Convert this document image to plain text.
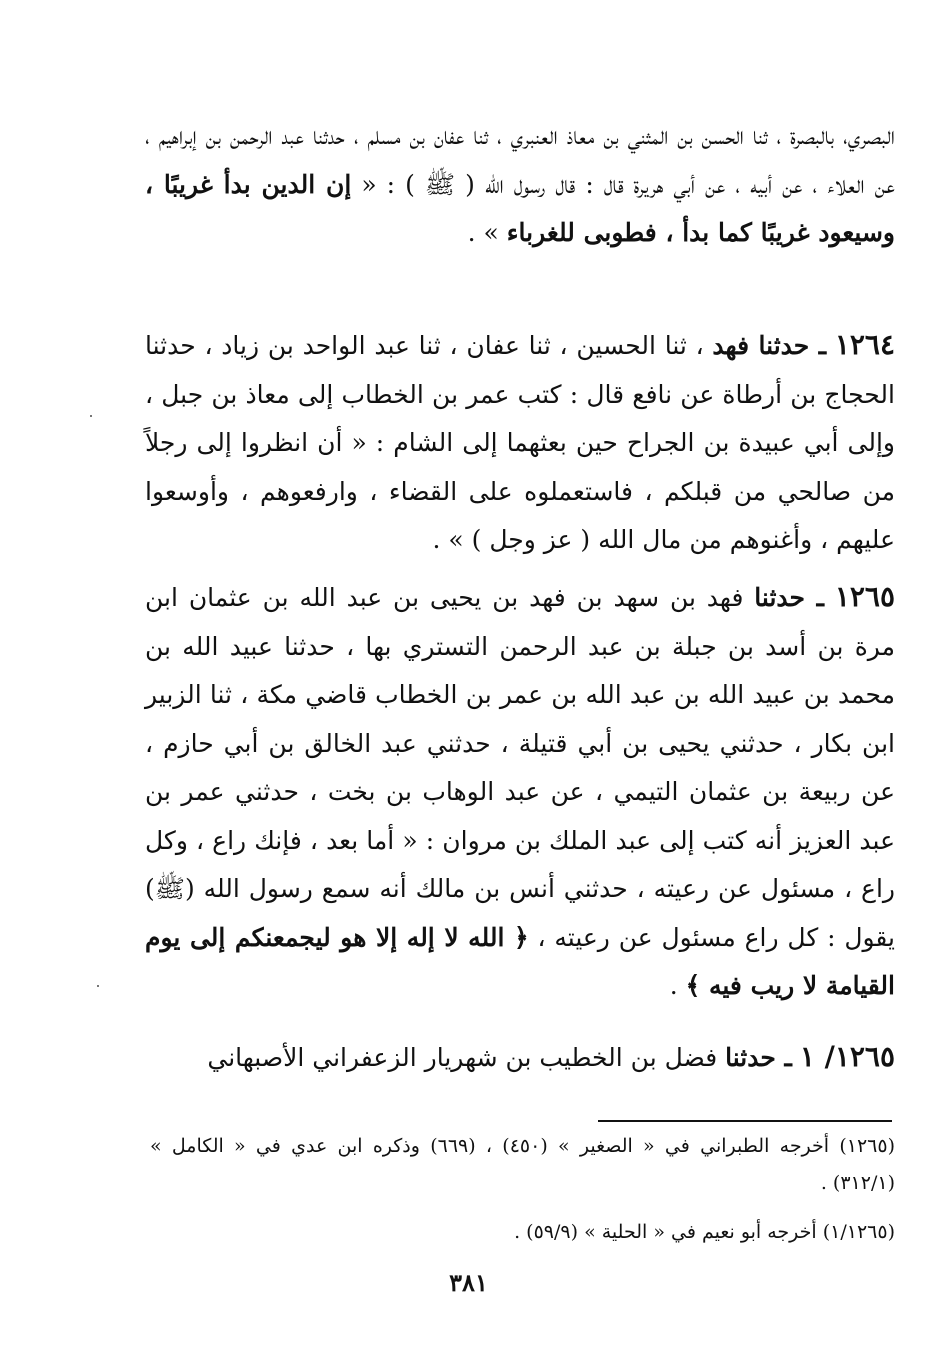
البصري، بالبصرة ، ثنا الحسن بن المثني بن معاذ العنبري ، ثنا عفان بن مسلم ، حدثنا عبد الرحمن بن إبراهيم ، عن العلاء ، عن أبيه ، عن أبي هريرة قال : قال رسول الله ( ﷺ ) : « إن الدين بدأ غريبًا ، وسيعود غريبًا كما بدأ ، فطوبى للغرباء » .
١٢٦٤ ـ حدثنا فهد ، ثنا الحسين ، ثنا عفان ، ثنا عبد الواحد بن زياد ، حدثنا الحجاج بن أرطاة عن نافع قال : كتب عمر بن الخطاب إلى معاذ بن جبل ، وإلى أبي عبيدة بن الجراح حين بعثهما إلى الشام : « أن انظروا إلى رجلاً من صالحي من قبلكم ، فاستعملوه على القضاء ، وارفعوهم ، وأوسعوا عليهم ، وأغنوهم من مال الله ( عز وجل ) » .
١٢٦٥ ـ حدثنا فهد بن سهد بن فهد بن يحيى بن عبد الله بن عثمان ابن مرة بن أسد بن جبلة بن عبد الرحمن التستري بها ، حدثنا عبيد الله بن محمد بن عبيد الله بن عبد الله بن عمر بن الخطاب قاضي مكة ، ثنا الزبير ابن بكار ، حدثني يحيى بن أبي قتيلة ، حدثني عبد الخالق بن أبي حازم ، عن ربيعة بن عثمان التيمي ، عن عبد الوهاب بن بخت ، حدثني عمر بن عبد العزيز أنه كتب إلى عبد الملك بن مروان : « أما بعد ، فإنك راع ، وكل راع ، مسئول عن رعيته ، حدثني أنس بن مالك أنه سمع رسول الله (ﷺ) يقول : كل راع مسئول عن رعيته ، ﴿ الله لا إله إلا هو ليجمعنكم إلى يوم القيامة لا ريب فيه ﴾ .
١٢٦٥/ ١ ـ حدثنا فضل بن الخطيب بن شهريار الزعفراني الأصبهاني

(١٢٦٥) أخرجه الطبراني في « الصغير » (٤٥٠) ، (٦٦٩) وذكره ابن عدي في « الكامل » (٣١٢/١) .

(١/١٢٦٥) أخرجه أبو نعيم في « الحلية » (٥٩/٩) .

٣٨١
